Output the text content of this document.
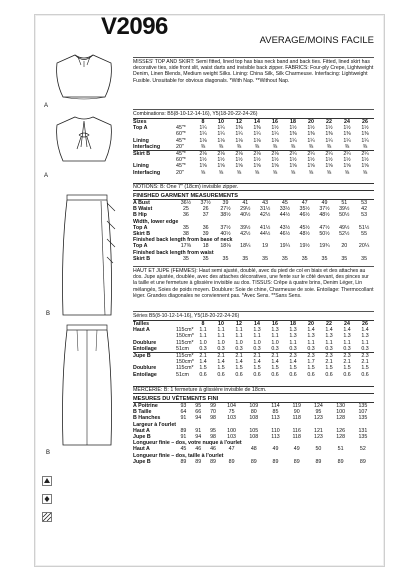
V2096
AVERAGE/MOINS FACILE
A
A
B
B
MISSES' TOP AND SKIRT: Semi fitted, lined top has bias neck band and back ties. Fitted, lined skirt has decorative ties, side front slit, waist darts and invisible back zipper. FABRICS: Four-ply Crepe, Lightweight Denim, Linen Blends, Medium weight Silks. Lining: China Silk, Silk Charmeuse. Interfacing: Lightweight Fusible. Unsuitable for obvious diagonals. *With Nap. **Without Nap.
Combinations: B5(8-10-12-14-16), Y5(18-20-22-24-26)
Sizes		8	10	12	14	16	18	20	22	24	26
Top A	45"*	1¼	1¼	1⅜	1⅜	1½	1½	1½	1½	1½	1½
	60"*	1¼	1¼	1¼	1¼	1¼	1⅜	1⅜	1⅜	1⅜	1⅜
Lining	45"*	1⅛	1⅛	1⅛	1⅛	1⅛	1¼	1¼	1¼	1¼	1¼
Interfacing	20"	⅜	⅜	⅜	⅜	⅜	⅜	⅜	⅜	⅜	⅜
Skirt B	45"*	2⅛	2⅛	2⅛	2⅛	2⅛	2¼	2¼	2¼	2¼	2¼
	60"*	1½	1½	1½	1½	1½	1½	1½	1½	1½	1½
Lining	45"*	1⅝	1⅝	1⅝	1⅝	1⅝	1⅝	1⅝	1⅝	1⅝	1⅝
Interfacing	20"	⅝	⅝	⅝	⅝	⅝	⅝	⅝	⅝	⅝	⅝
NOTIONS: B: One 7" (18cm) invisible zipper.
FINISHED GARMENT MEASUREMENTS
A Bust	36½	37½	39	41	43	45	47	49	51	53
B Waist	25	26	27½	29½	31½	33½	35½	37½	39½	42
B Hip	36	37	38½	40½	42½	44½	46½	48½	50½	53
Width, lower edge										
Top A	35	36	37½	39½	41½	43½	45½	47½	49½	51½
Skirt B	38	39	40½	42½	44½	46½	48½	50½	52½	55
Finished back length from base of neck										
Top A	17⅜	18	18⅛	18¼	19	19¼	19½	19¾	20	20¼
Finished back length from waist										
Skirt B	35	35	35	35	35	35	35	35	35	35
HAUT ET JUPE (FEMMES): Haut semi ajusté, doublé, avec du pied de col en biais et des attaches au dos. Jupe ajustée, doublée, avec des attaches décoratives, une fente sur le côté devant, des pinces sur la taille et une fermeture à glissière invisible au dos. TISSUS: Crêpe à quatre brins, Denim Léger, Lin mélangés, Soies de poids moyen. Doublure: Soie de chine, Charmeuse de soie. Entoilage: Thermocollant léger. Grandes diagonales ne conviennent pas. *Avec Sens. **Sans Sens.
Séries B5(8-10-12-14-16), Y5(18-20-22-24-26)
Tailles		8	10	12	14	16	18	20	22	24	26
Haut A	115cm*	1.1	1.1	1.1	1.3	1.3	1.3	1.4	1.4	1.4	1.4
	150cm*	1.1	1.1	1.1	1.1	1.1	1.3	1.3	1.3	1.3	1.3
Doublure	115cm*	1.0	1.0	1.0	1.0	1.0	1.1	1.1	1.1	1.1	1.1
Entoilage	51cm	0.3	0.3	0.3	0.3	0.3	0.3	0.3	0.3	0.3	0.3
Jupe B	115cm*	2.1	2.1	2.1	2.1	2.1	2.3	2.3	2.3	2.3	2.3
	150cm*	1.4	1.4	1.4	1.4	1.4	1.4	1.7	2.1	2.1	2.1
Doublure	115cm*	1.5	1.5	1.5	1.5	1.5	1.5	1.5	1.5	1.5	1.5
Entoilage	51cm	0.6	0.6	0.6	0.6	0.6	0.6	0.6	0.6	0.6	0.6
MERCERIE: B: 1 fermeture à glissière invisible de 18cm.
MESURES DU VÊTEMENTS FINI
A Poitrine	93	95	99	104	109	114	119	124	130	135
B Taille	64	66	70	75	80	85	90	95	100	107
B Hanches	91	94	98	103	108	113	118	123	128	135
Largeur à l'ourlet										
Haut A	89	91	95	100	105	110	116	121	126	131
Jupe B	91	94	98	103	108	113	118	123	128	135
Longueur finie – dos, votre nuque à l'ourlet										
Haut A	45	46	46	47	48	49	49	50	51	52
Longueur finie – dos, taille à l'ourlet										
Jupe B	89	89	89	89	89	89	89	89	89	89
